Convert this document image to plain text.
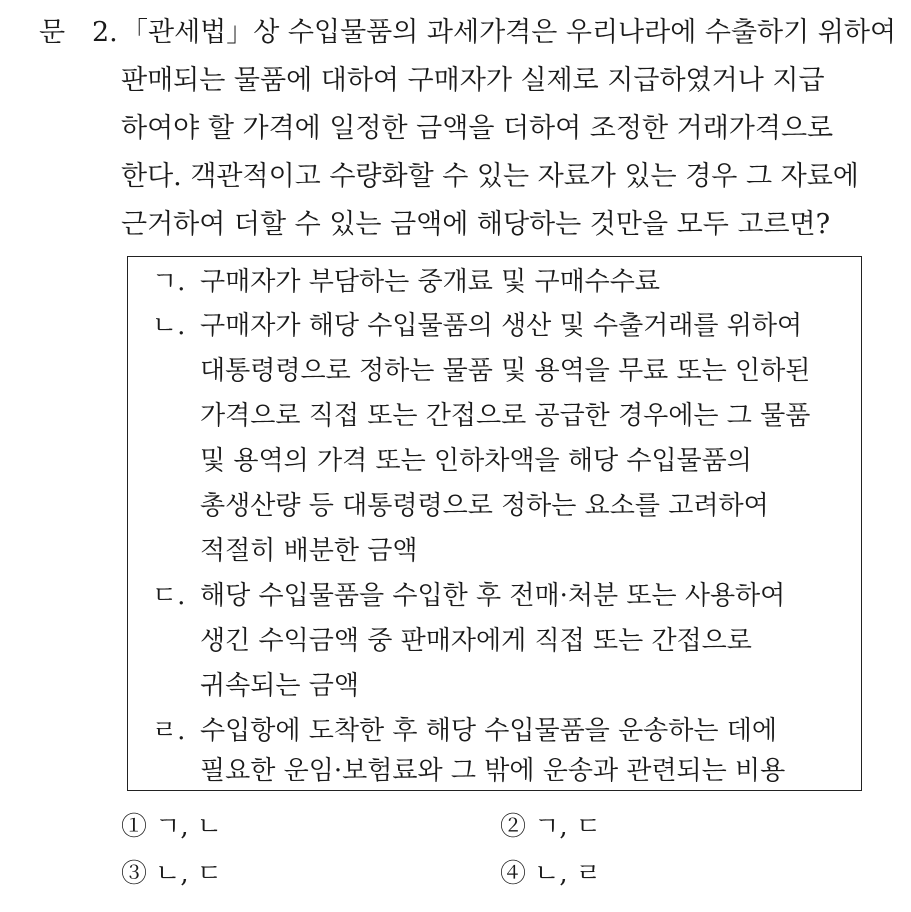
문 2. 「관세법」상 수입물품의 과세가격은 우리나라에 수출하기 위하여
판매되는 물품에 대하여 구매자가 실제로 지급하였거나 지급
하여야 할 가격에 일정한 금액을 더하여 조정한 거래가격으로
한다. 객관적이고 수량화할 수 있는 자료가 있는 경우 그 자료에
근거하여 더할 수 있는 금액에 해당하는 것만을 모두 고르면?
ㄱ. 구매자가 부담하는 중개료 및 구매수수료
ㄴ. 구매자가 해당 수입물품의 생산 및 수출거래를 위하여
대통령령으로 정하는 물품 및 용역을 무료 또는 인하된
가격으로 직접 또는 간접으로 공급한 경우에는 그 물품
및 용역의 가격 또는 인하차액을 해당 수입물품의
총생산량 등 대통령령으로 정하는 요소를 고려하여
적절히 배분한 금액
ㄷ. 해당 수입물품을 수입한 후 전매·처분 또는 사용하여
생긴 수익금액 중 판매자에게 직접 또는 간접으로
귀속되는 금액
ㄹ. 수입항에 도착한 후 해당 수입물품을 운송하는 데에
필요한 운임·보험료와 그 밖에 운송과 관련되는 비용
① ㄱ, ㄴ	② ㄱ, ㄷ
③ ㄴ, ㄷ	④ ㄴ, ㄹ
